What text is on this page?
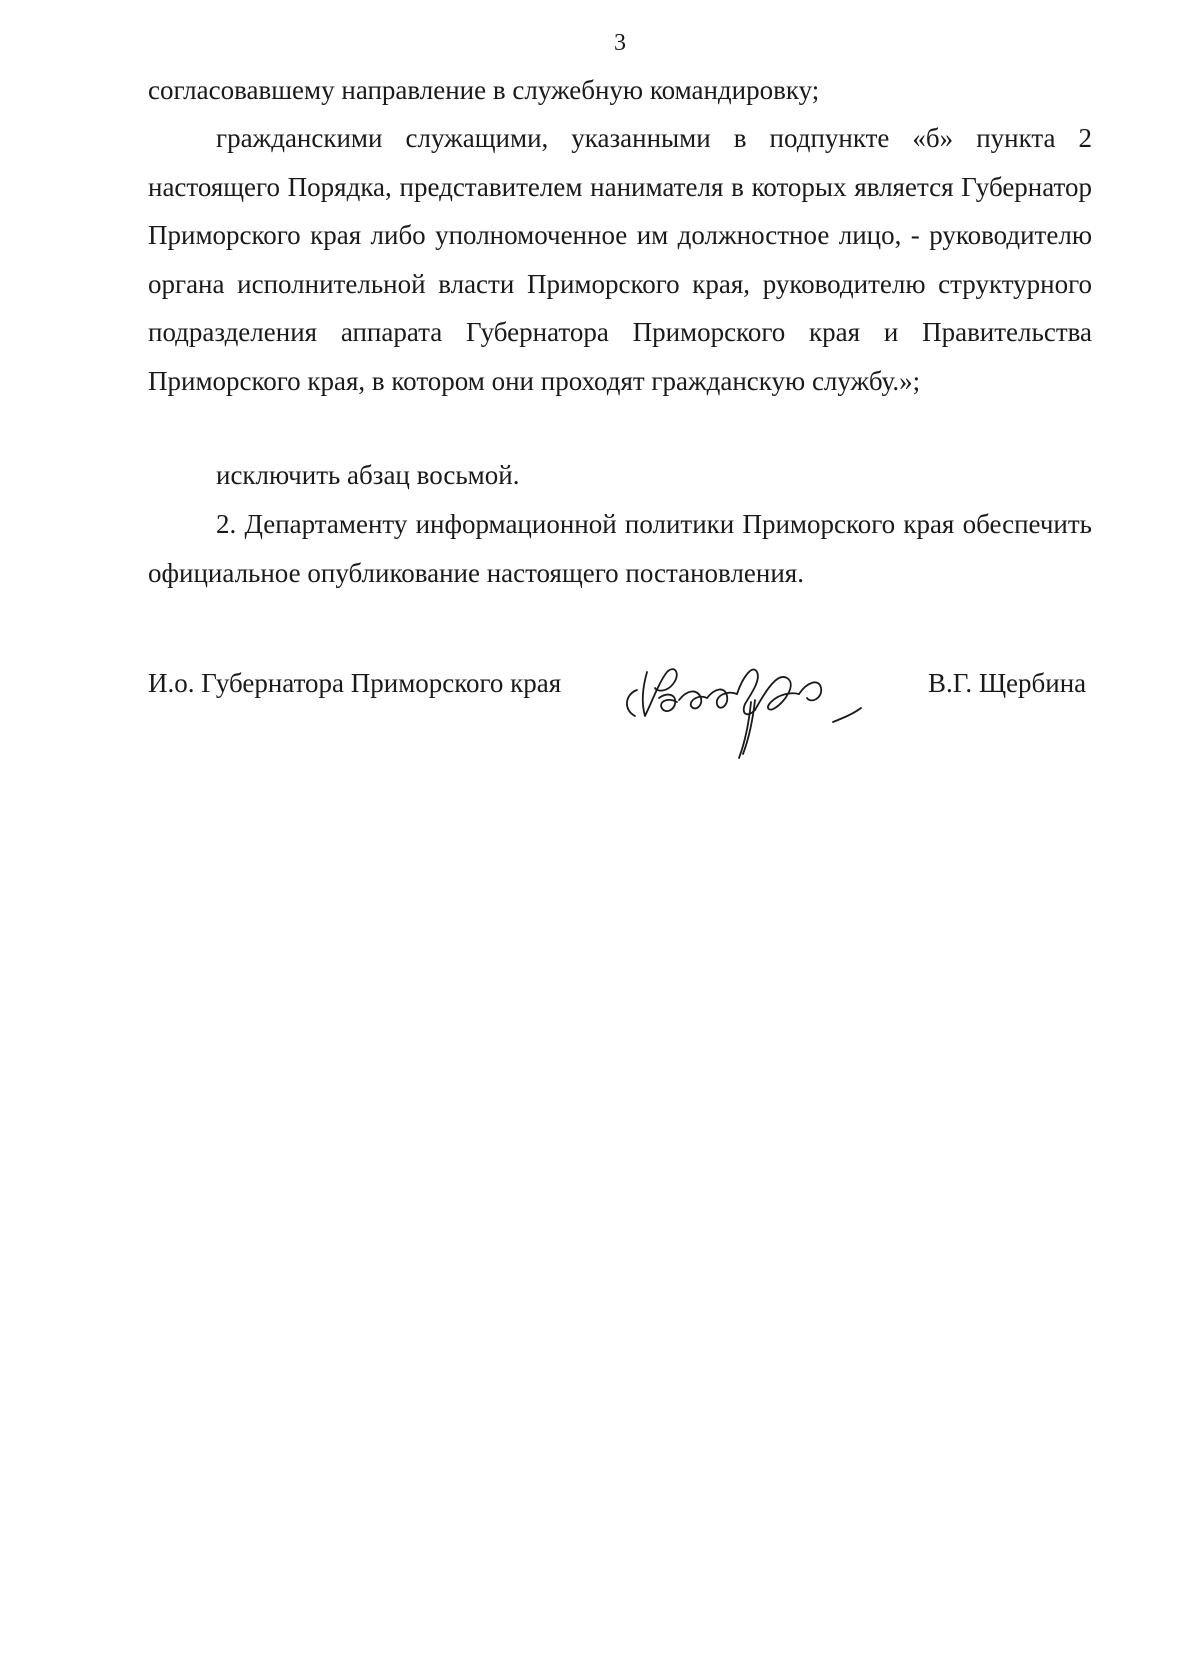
3

согласовавшему направление в служебную командировку;

гражданскими служащими, указанными в подпункте «б» пункта 2 настоящего Порядка, представителем нанимателя в которых является Губернатор Приморского края либо уполномоченное им должностное лицо, - руководителю органа исполнительной власти Приморского края, руководителю структурного подразделения аппарата Губернатора Приморского края и Правительства Приморского края, в котором они проходят гражданскую службу.»;

исключить абзац восьмой.

2. Департаменту информационной политики Приморского края обеспечить официальное опубликование настоящего постановления.

И.о. Губернатора Приморского края	В.Г. Щербина
